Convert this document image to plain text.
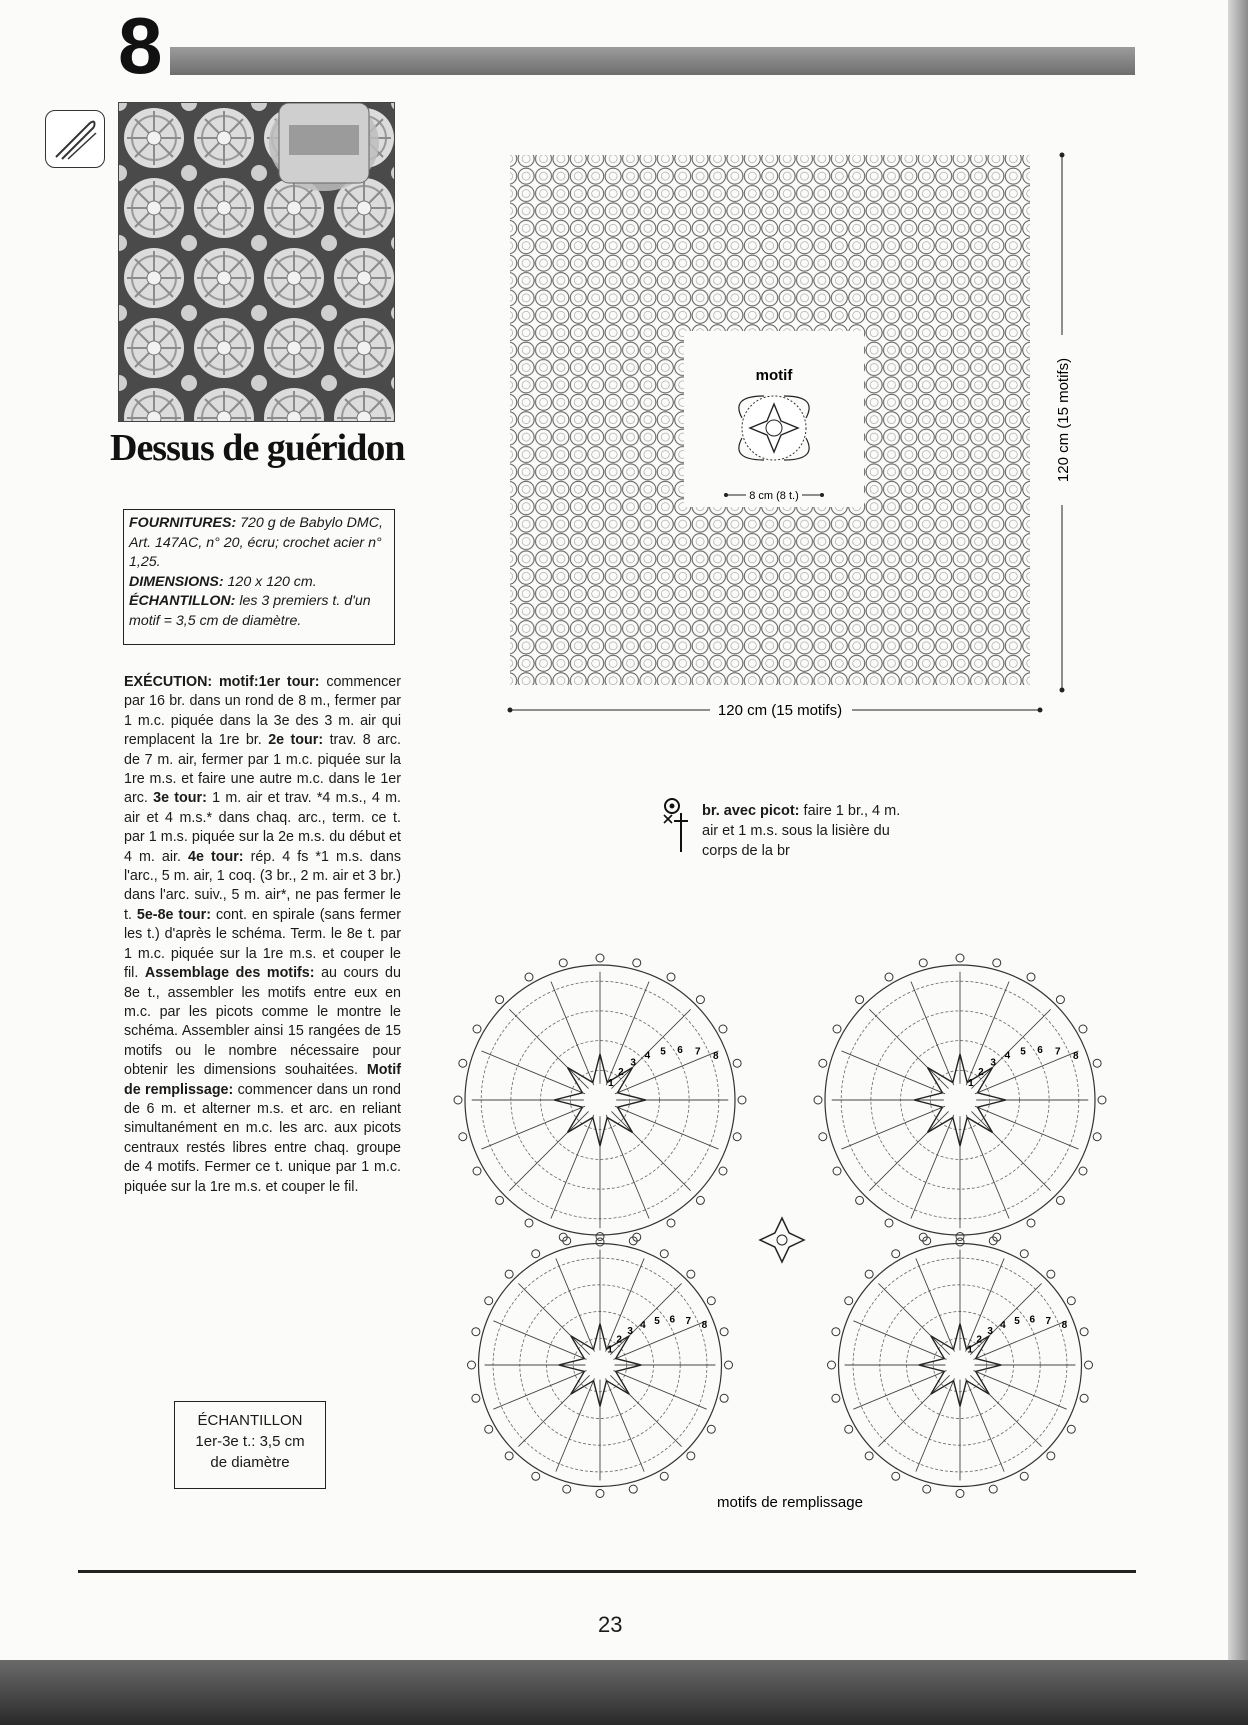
8
Dessus de guéridon
FOURNITURES: 720 g de Babylo DMC, Art. 147AC, n° 20, écru; crochet acier n° 1,25.
DIMENSIONS: 120 x 120 cm.
ÉCHANTILLON: les 3 premiers t. d'un motif = 3,5 cm de diamètre.
EXÉCUTION: motif:1er tour: commencer par 16 br. dans un rond de 8 m., fermer par 1 m.c. piquée dans la 3e des 3 m. air qui remplacent la 1re br. 2e tour: trav. 8 arc. de 7 m. air, fermer par 1 m.c. piquée sur la 1re m.s. et faire une autre m.c. dans le 1er arc. 3e tour: 1 m. air et trav. *4 m.s., 4 m. air et 4 m.s.* dans chaq. arc., term. ce t. par 1 m.s. piquée sur la 2e m.s. du début et 4 m. air. 4e tour: rép. 4 fs *1 m.s. dans l'arc., 5 m. air, 1 coq. (3 br., 2 m. air et 3 br.) dans l'arc. suiv., 5 m. air*, ne pas fermer le t. 5e-8e tour: cont. en spirale (sans fermer les t.) d'après le schéma. Term. le 8e t. par 1 m.c. piquée sur la 1re m.s. et couper le fil. Assemblage des motifs: au cours du 8e t., assembler les motifs entre eux en m.c. par les picots comme le montre le schéma. Assembler ainsi 15 rangées de 15 motifs ou le nombre nécessaire pour obtenir les dimensions souhaitées. Motif de remplissage: commencer dans un rond de 6 m. et alterner m.s. et arc. en reliant simultanément en m.c. les arc. aux picots centraux restés libres entre chaq. groupe de 4 motifs. Fermer ce t. unique par 1 m.c. piquée sur la 1re m.s. et couper le fil.
ÉCHANTILLON
1er-3e t.: 3,5 cm
de diamètre
motif
8 cm (8 t.)
120 cm (15 motifs)
120 cm (15 motifs)
br. avec picot: faire 1 br., 4 m. air et 1 m.s. sous la lisière du corps de la br
1
2
3
4 5 6 7 8
1
2
3
4 5 6 7 8
1
2
3
4 5 6 7 8
1
2
3
4 5 6 7 8
motifs de remplissage
23
